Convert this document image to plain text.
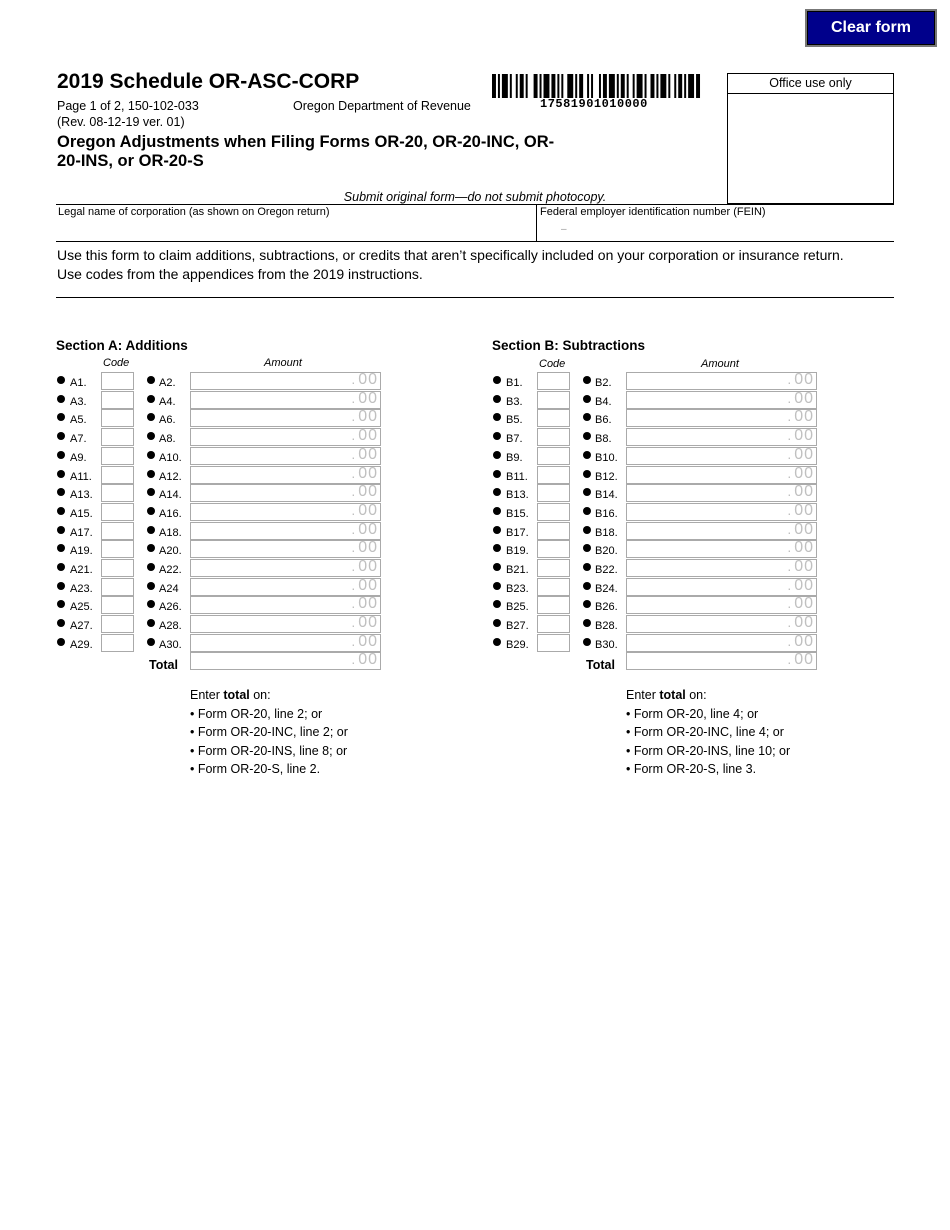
Clear form
2019 Schedule OR-ASC-CORP
Page 1 of 2, 150-102-033
(Rev. 08-12-19 ver. 01)
Oregon Department of Revenue
Oregon Adjustments when Filing Forms OR-20, OR-20-INC, OR-20-INS, or OR-20-S
17581901010000
Office use only
Submit original form—do not submit photocopy.
Legal name of corporation (as shown on Oregon return)	Federal employer identification number (FEIN)
–
Use this form to claim additions, subtractions, or credits that aren’t specifically included on your corporation or insurance return.
Use codes from the appendices from the 2019 instructions.
Section A: Additions
Code	Amount
A1.	A2.	. 00
A3.	A4.	. 00
A5.	A6.	. 00
A7.	A8.	. 00
A9.	A10.	. 00
A11.	A12.	. 00
A13.	A14.	. 00
A15.	A16.	. 00
A17.	A18.	. 00
A19.	A20.	. 00
A21.	A22.	. 00
A23.	A24	. 00
A25.	A26.	. 00
A27.	A28.	. 00
A29.	A30.	. 00
Total	. 00
Enter total on:
• Form OR-20, line 2; or
• Form OR-20-INC, line 2; or
• Form OR-20-INS, line 8; or
• Form OR-20-S, line 2.
Section B: Subtractions
Code	Amount
B1.	B2.	. 00
B3.	B4.	. 00
B5.	B6.	. 00
B7.	B8.	. 00
B9.	B10.	. 00
B11.	B12.	. 00
B13.	B14.	. 00
B15.	B16.	. 00
B17.	B18.	. 00
B19.	B20.	. 00
B21.	B22.	. 00
B23.	B24.	. 00
B25.	B26.	. 00
B27.	B28.	. 00
B29.	B30.	. 00
Total	. 00
Enter total on:
• Form OR-20, line 4; or
• Form OR-20-INC, line 4; or
• Form OR-20-INS, line 10; or
• Form OR-20-S, line 3.
